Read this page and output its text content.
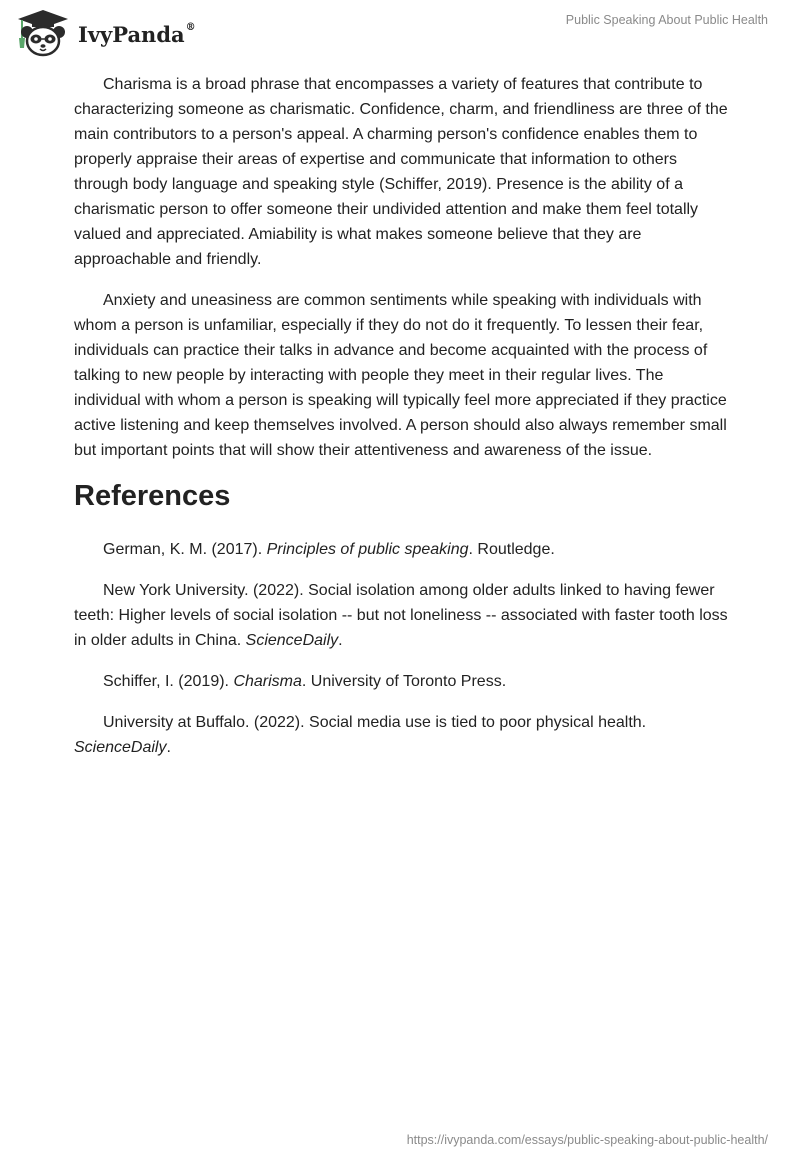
IvyPanda®	Public Speaking About Public Health

Charisma is a broad phrase that encompasses a variety of features that contribute to characterizing someone as charismatic. Confidence, charm, and friendliness are three of the main contributors to a person's appeal. A charming person's confidence enables them to properly appraise their areas of expertise and communicate that information to others through body language and speaking style (Schiffer, 2019). Presence is the ability of a charismatic person to offer someone their undivided attention and make them feel totally valued and appreciated. Amiability is what makes someone believe that they are approachable and friendly.

Anxiety and uneasiness are common sentiments while speaking with individuals with whom a person is unfamiliar, especially if they do not do it frequently. To lessen their fear, individuals can practice their talks in advance and become acquainted with the process of talking to new people by interacting with people they meet in their regular lives. The individual with whom a person is speaking will typically feel more appreciated if they practice active listening and keep themselves involved. A person should also always remember small but important points that will show their attentiveness and awareness of the issue.

References

German, K. M. (2017). Principles of public speaking. Routledge.

New York University. (2022). Social isolation among older adults linked to having fewer teeth: Higher levels of social isolation -- but not loneliness -- associated with faster tooth loss in older adults in China. ScienceDaily.

Schiffer, I. (2019). Charisma. University of Toronto Press.

University at Buffalo. (2022). Social media use is tied to poor physical health. ScienceDaily.

https://ivypanda.com/essays/public-speaking-about-public-health/
